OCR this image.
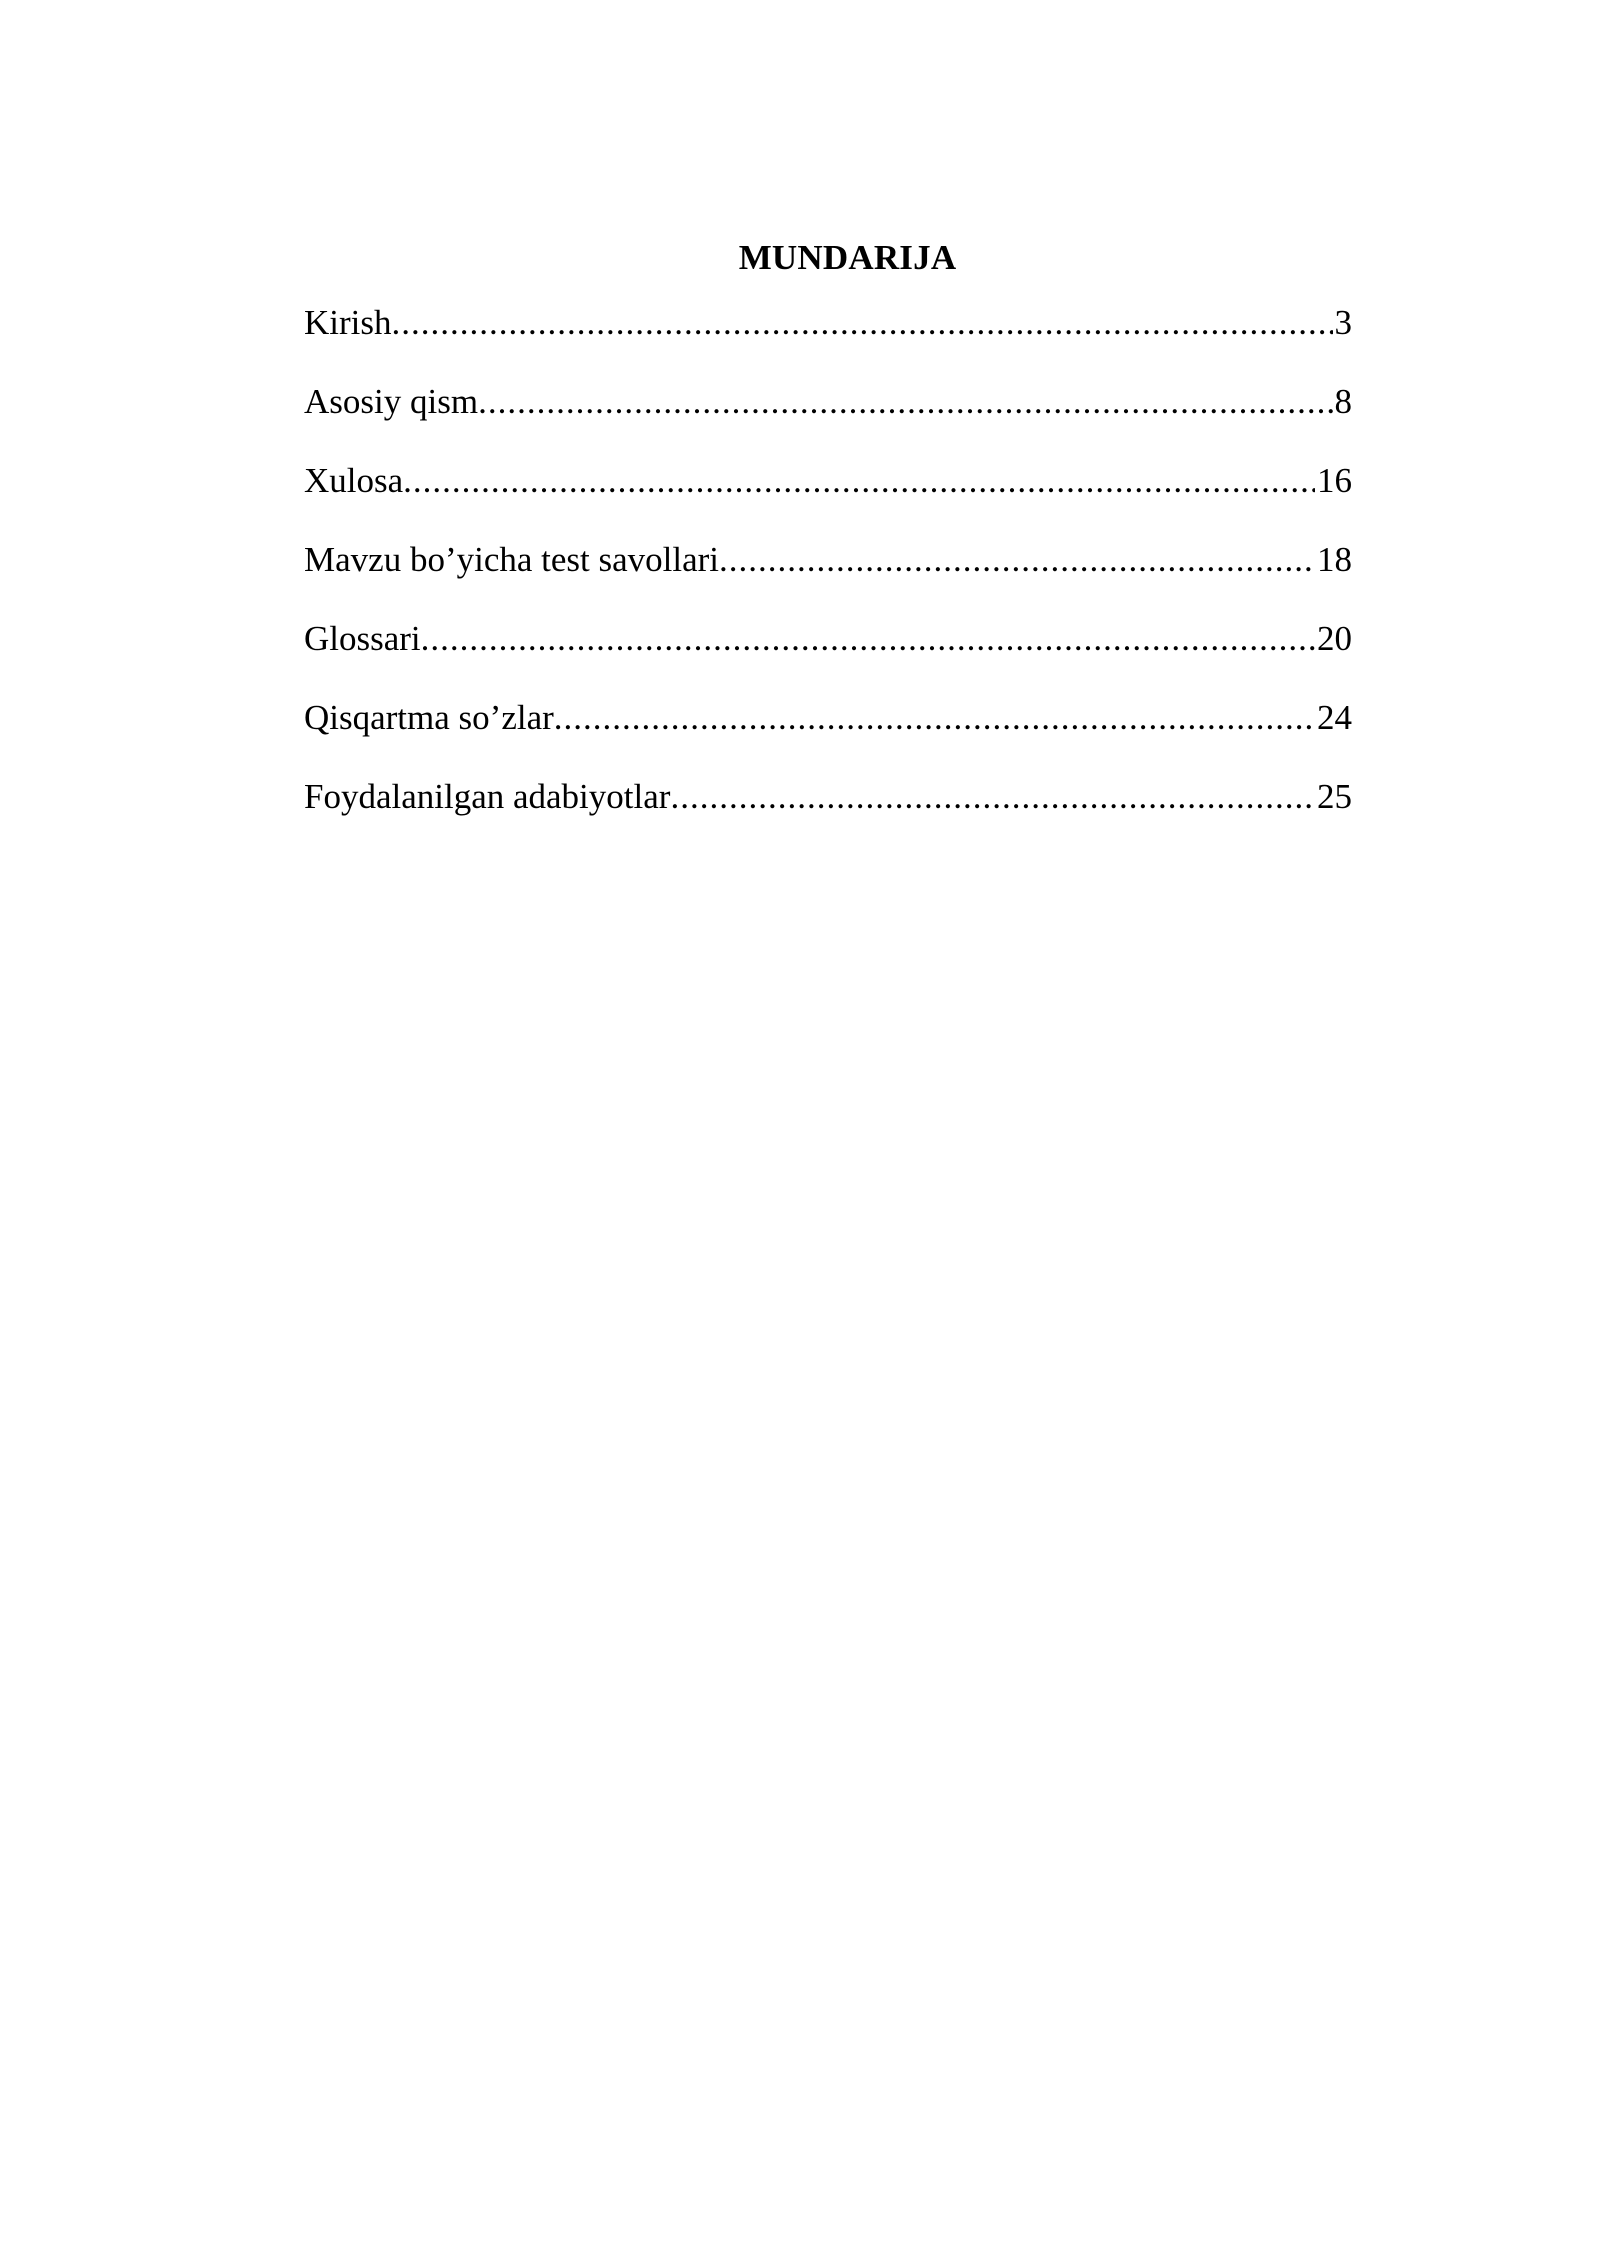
MUNDARIJA
Kirish .....	3
Asosiy qism .....	8
Xulosa .....	16
Mavzu bo’yicha test savollari .....	18
Glossari .....	20
Qisqartma so’zlar .....	24
Foydalanilgan adabiyotlar .....	25
